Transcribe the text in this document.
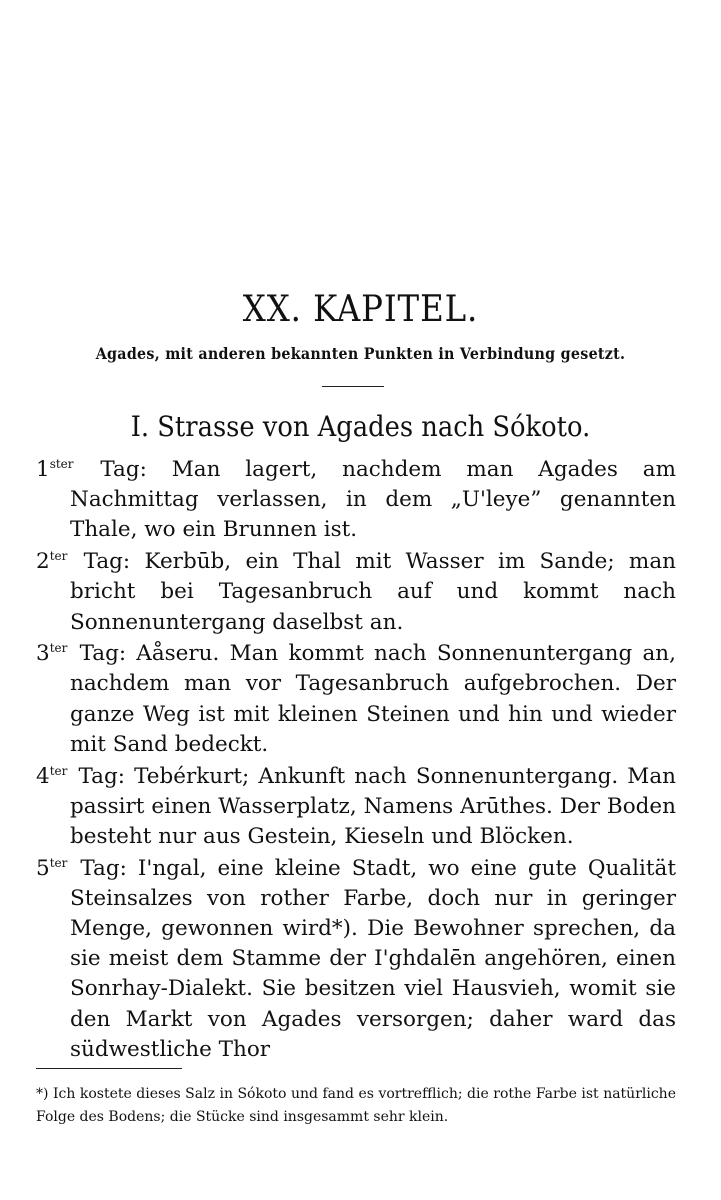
XX. KAPITEL.
Agades, mit anderen bekannten Punkten in Verbindung gesetzt.
I. Strasse von Agades nach Sókoto.

$1^{ster}$ Tag: Man lagert, nachdem man Agades am Nachmittag verlassen, in dem „U'leye” genannten Thale, wo ein Brunnen ist.

$2^{ter}$ Tag: Kerbūb, ein Thal mit Wasser im Sande; man bricht bei Tagesanbruch auf und kommt nach Sonnenuntergang daselbst an.

$3^{ter}$ Tag: Aåseru. Man kommt nach Sonnenuntergang an, nachdem man vor Tagesanbruch aufgebrochen. Der ganze Weg ist mit kleinen Steinen und hin und wieder mit Sand bedeckt.

$4^{ter}$ Tag: Tebérkurt; Ankunft nach Sonnenuntergang. Man passirt einen Wasserplatz, Namens Arūthes. Der Boden besteht nur aus Gestein, Kieseln und Blöcken.

$5^{ter}$ Tag: I'ngal, eine kleine Stadt, wo eine gute Qualität Steinsalzes von rother Farbe, doch nur in geringer Menge, gewonnen wird*). Die Bewohner sprechen, da sie meist dem Stamme der I'ghdalēn angehören, einen Sonrhay-Dialekt. Sie besitzen viel Hausvieh, womit sie den Markt von Agades versorgen; daher ward das südwestliche Thor

*) Ich kostete dieses Salz in Sókoto und fand es vortrefflich; die rothe Farbe ist natürliche Folge des Bodens; die Stücke sind insgesammt sehr klein.
